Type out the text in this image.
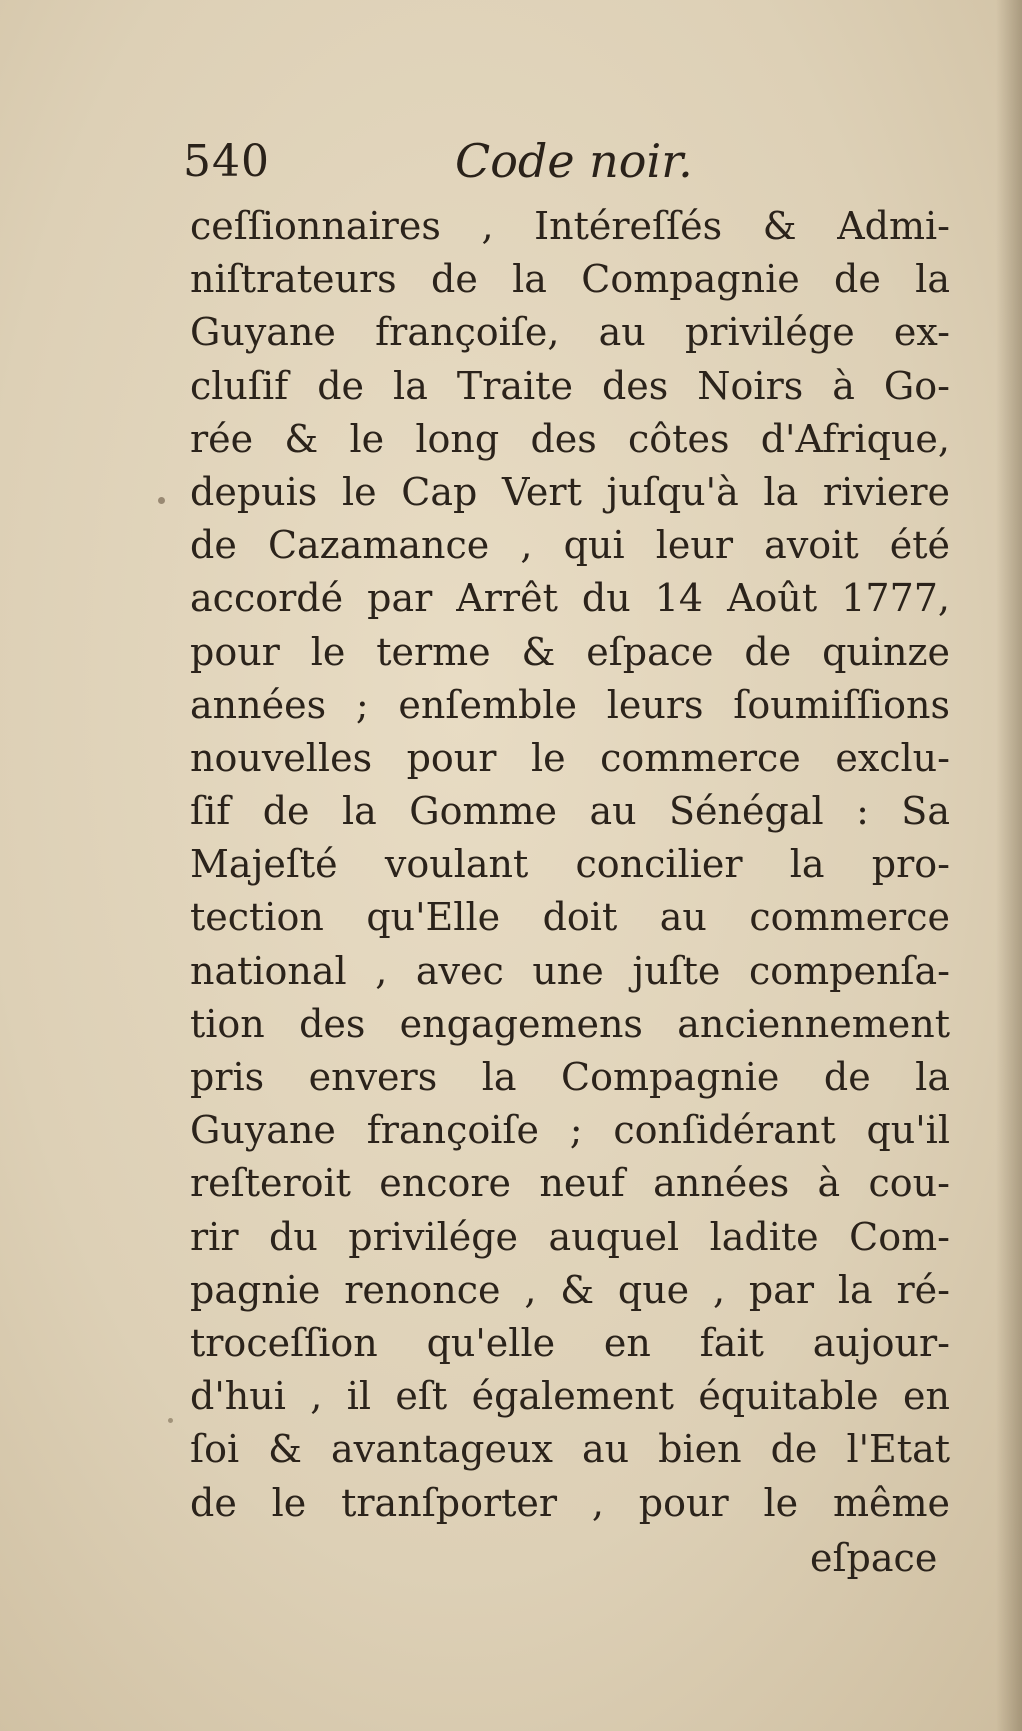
540	Code noir.
ceſſionnaires , Intéreſſés & Admi-
niſtrateurs de la Compagnie de la
Guyane françoiſe, au privilége ex-
cluſif de la Traite des Noirs à Go-
rée & le long des côtes d'Afrique,
depuis le Cap Vert juſqu'à la riviere
de Cazamance , qui leur avoit été
accordé par Arrêt du 14 Août 1777,
pour le terme & eſpace de quinze
années ; enſemble leurs ſoumiſſions
nouvelles pour le commerce exclu-
ſif de la Gomme au Sénégal : Sa
Majeſté voulant concilier la pro-
tection qu'Elle doit au commerce
national , avec une juſte compenſa-
tion des engagemens anciennement
pris envers la Compagnie de la
Guyane françoiſe ; conſidérant qu'il
reſteroit encore neuf années à cou-
rir du privilége auquel ladite Com-
pagnie renonce , & que , par la ré-
troceſſion qu'elle en fait aujour-
d'hui , il eſt également équitable en
ſoi & avantageux au bien de l'Etat
de le tranſporter , pour le même
eſpace
